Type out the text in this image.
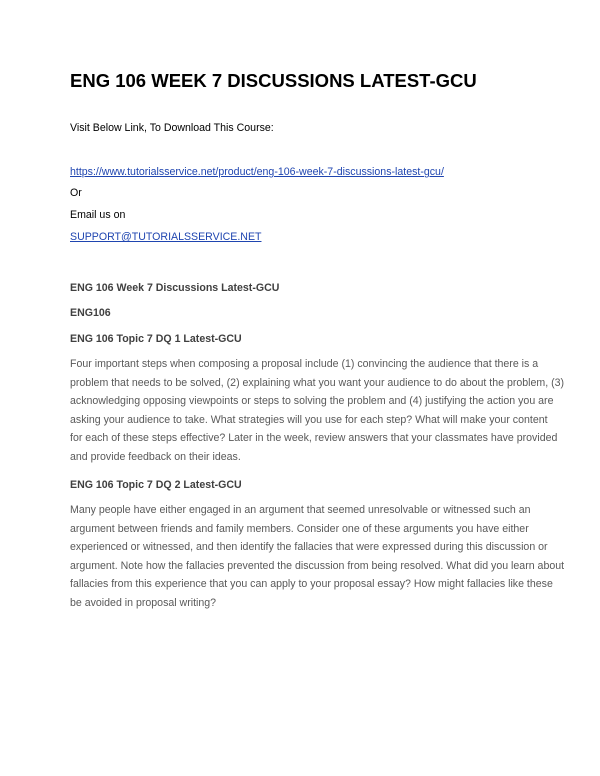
ENG 106 WEEK 7 DISCUSSIONS LATEST-GCU

Visit Below Link, To Download This Course:

https://www.tutorialsservice.net/product/eng-106-week-7-discussions-latest-gcu/

Or

Email us on

SUPPORT@TUTORIALSSERVICE.NET

ENG 106 Week 7 Discussions Latest-GCU

ENG106

ENG 106 Topic 7 DQ 1 Latest-GCU

Four important steps when composing a proposal include (1) convincing the audience that there is a
problem that needs to be solved, (2) explaining what you want your audience to do about the problem, (3)
acknowledging opposing viewpoints or steps to solving the problem and (4) justifying the action you are
asking your audience to take. What strategies will you use for each step? What will make your content
for each of these steps effective? Later in the week, review answers that your classmates have provided
and provide feedback on their ideas.

ENG 106 Topic 7 DQ 2 Latest-GCU

Many people have either engaged in an argument that seemed unresolvable or witnessed such an
argument between friends and family members. Consider one of these arguments you have either
experienced or witnessed, and then identify the fallacies that were expressed during this discussion or
argument. Note how the fallacies prevented the discussion from being resolved. What did you learn about
fallacies from this experience that you can apply to your proposal essay? How might fallacies like these
be avoided in proposal writing?
